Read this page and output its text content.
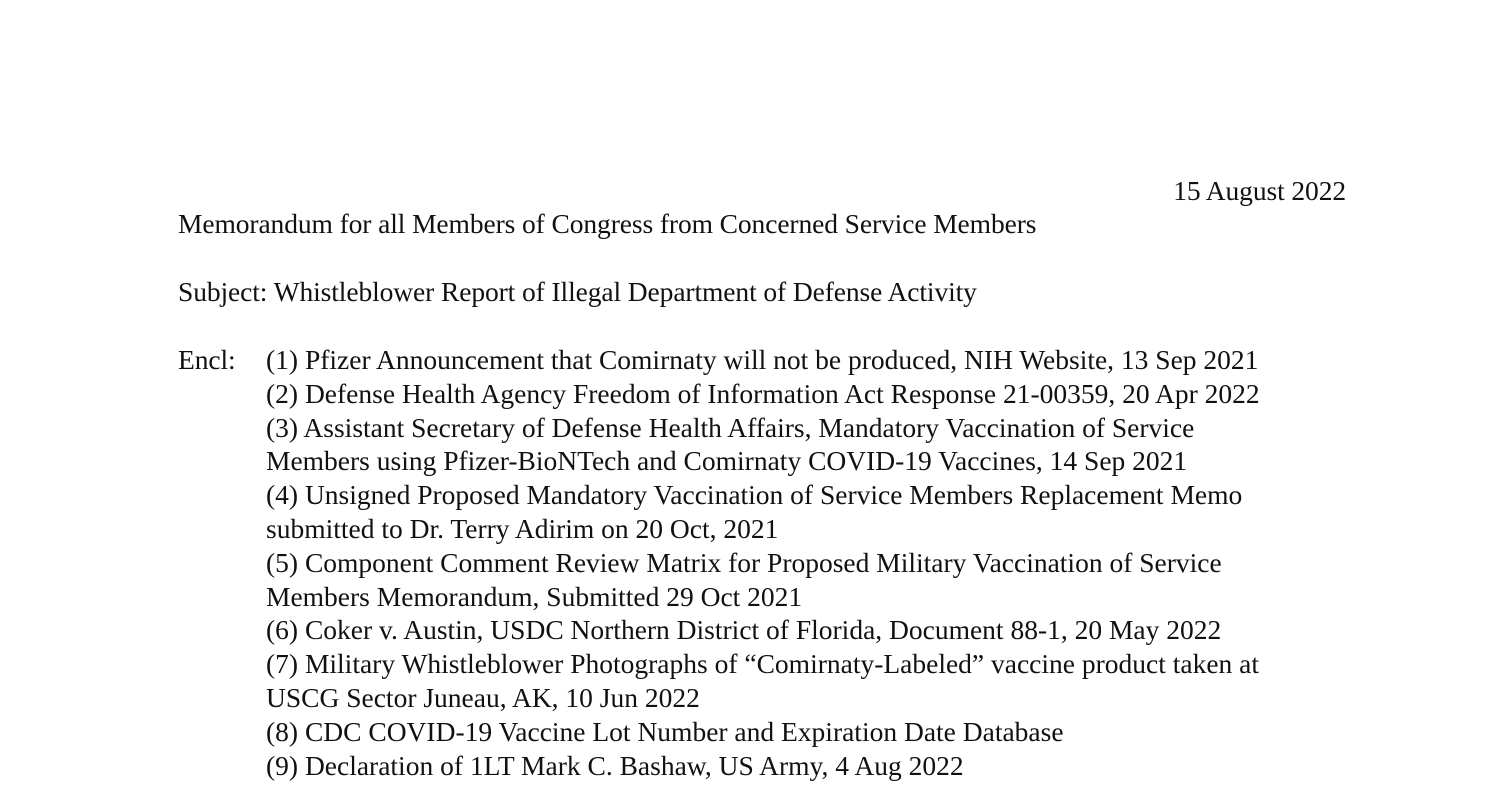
15 August 2022
Memorandum for all Members of Congress from Concerned Service Members
Subject: Whistleblower Report of Illegal Department of Defense Activity
Encl: (1) Pfizer Announcement that Comirnaty will not be produced, NIH Website, 13 Sep 2021
(2) Defense Health Agency Freedom of Information Act Response 21-00359, 20 Apr 2022
(3) Assistant Secretary of Defense Health Affairs, Mandatory Vaccination of Service
Members using Pfizer-BioNTech and Comirnaty COVID-19 Vaccines, 14 Sep 2021
(4) Unsigned Proposed Mandatory Vaccination of Service Members Replacement Memo
submitted to Dr. Terry Adirim on 20 Oct, 2021
(5) Component Comment Review Matrix for Proposed Military Vaccination of Service
Members Memorandum, Submitted 29 Oct 2021
(6) Coker v. Austin, USDC Northern District of Florida, Document 88-1, 20 May 2022
(7) Military Whistleblower Photographs of “Comirnaty-Labeled” vaccine product taken at
USCG Sector Juneau, AK, 10 Jun 2022
(8) CDC COVID-19 Vaccine Lot Number and Expiration Date Database
(9) Declaration of 1LT Mark C. Bashaw, US Army, 4 Aug 2022
